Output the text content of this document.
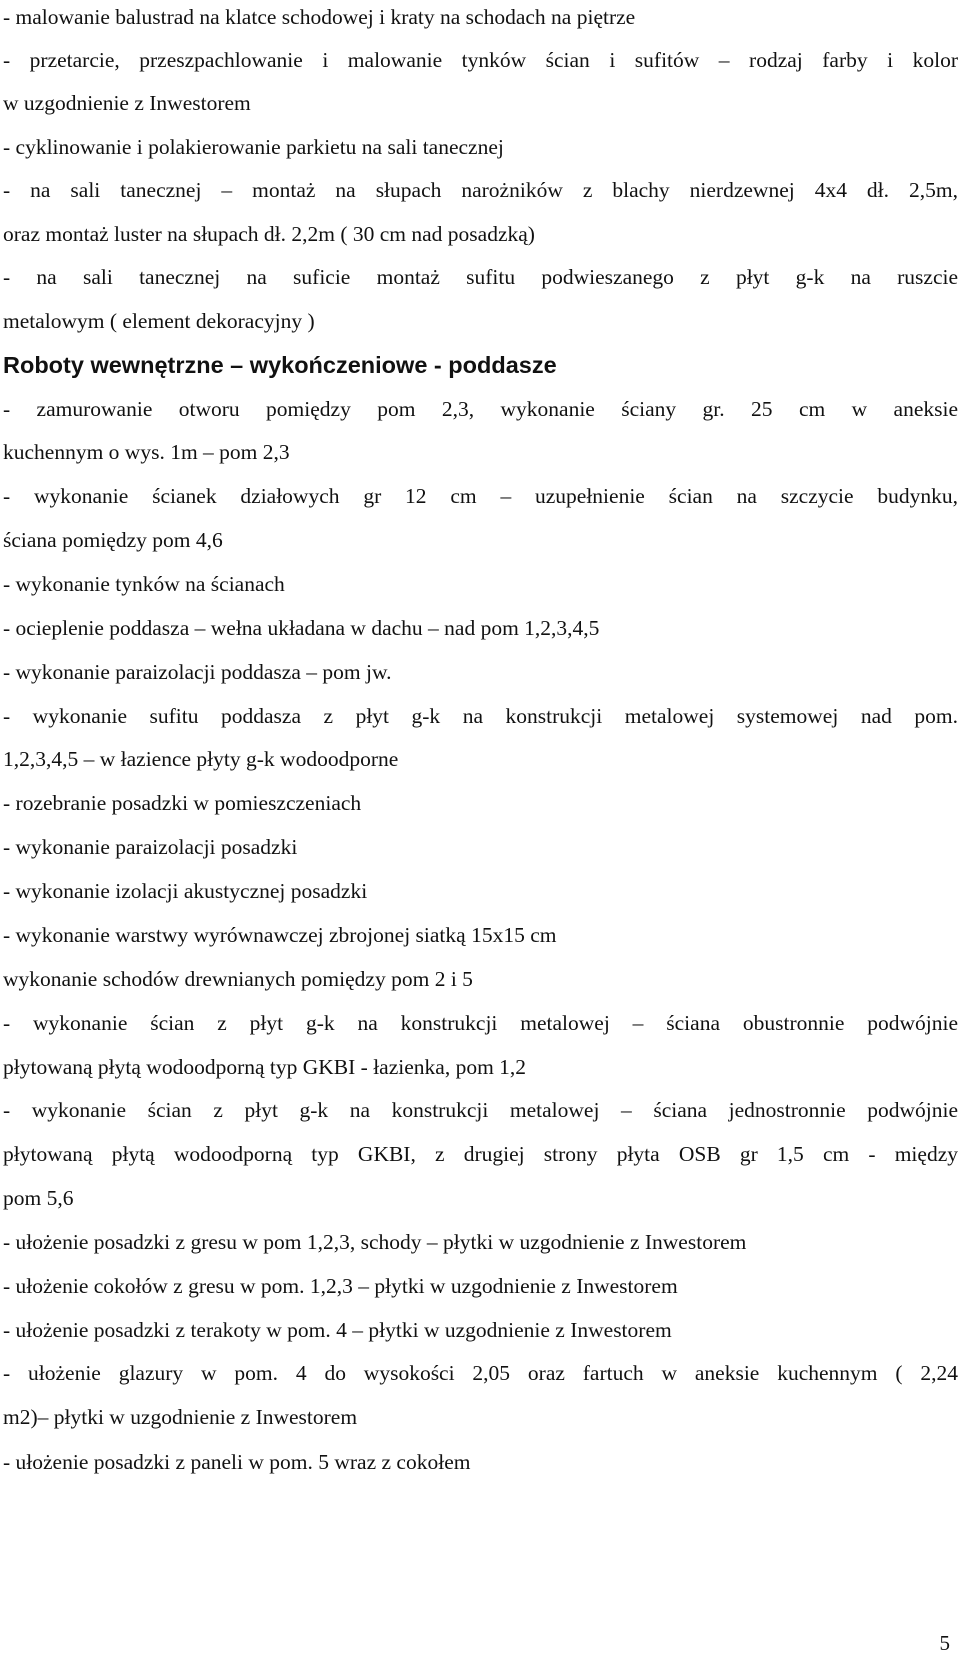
- malowanie balustrad na klatce schodowej i kraty na schodach na piętrze
- przetarcie, przeszpachlowanie i malowanie tynków ścian i sufitów – rodzaj farby i kolor
w uzgodnienie z Inwestorem
- cyklinowanie i polakierowanie parkietu na sali tanecznej
- na sali tanecznej – montaż na słupach narożników z blachy nierdzewnej 4x4 dł. 2,5m,
oraz montaż luster na słupach dł. 2,2m ( 30 cm nad posadzką)
- na sali tanecznej na suficie montaż sufitu podwieszanego z płyt g-k na ruszcie
metalowym ( element dekoracyjny )
Roboty wewnętrzne – wykończeniowe - poddasze
- zamurowanie otworu pomiędzy pom 2,3, wykonanie ściany gr. 25 cm w aneksie
kuchennym o wys. 1m – pom 2,3
- wykonanie ścianek działowych gr 12 cm – uzupełnienie ścian na szczycie budynku,
ściana pomiędzy pom 4,6
- wykonanie tynków na ścianach
- ocieplenie poddasza – wełna układana w dachu – nad pom 1,2,3,4,5
- wykonanie paraizolacji poddasza – pom jw.
- wykonanie sufitu poddasza z płyt g-k na konstrukcji metalowej systemowej nad pom.
1,2,3,4,5 – w łazience płyty g-k wodoodporne
- rozebranie posadzki w pomieszczeniach
- wykonanie paraizolacji posadzki
- wykonanie izolacji akustycznej posadzki
- wykonanie warstwy wyrównawczej zbrojonej siatką 15x15 cm
wykonanie schodów drewnianych pomiędzy pom 2 i 5
- wykonanie ścian z płyt g-k na konstrukcji metalowej – ściana obustronnie podwójnie
płytowaną płytą wodoodporną typ GKBI - łazienka, pom 1,2
- wykonanie ścian z płyt g-k na konstrukcji metalowej – ściana jednostronnie podwójnie
płytowaną płytą wodoodporną typ GKBI, z drugiej strony płyta OSB gr 1,5 cm - między
pom 5,6
- ułożenie posadzki z gresu w pom 1,2,3, schody – płytki w uzgodnienie z Inwestorem
- ułożenie cokołów z gresu w pom. 1,2,3 – płytki w uzgodnienie z Inwestorem
- ułożenie posadzki z terakoty w pom. 4 – płytki w uzgodnienie z Inwestorem
- ułożenie glazury w pom. 4 do wysokości 2,05 oraz fartuch w aneksie kuchennym ( 2,24
m2)– płytki w uzgodnienie z Inwestorem
- ułożenie posadzki z paneli w pom. 5 wraz z cokołem
5
